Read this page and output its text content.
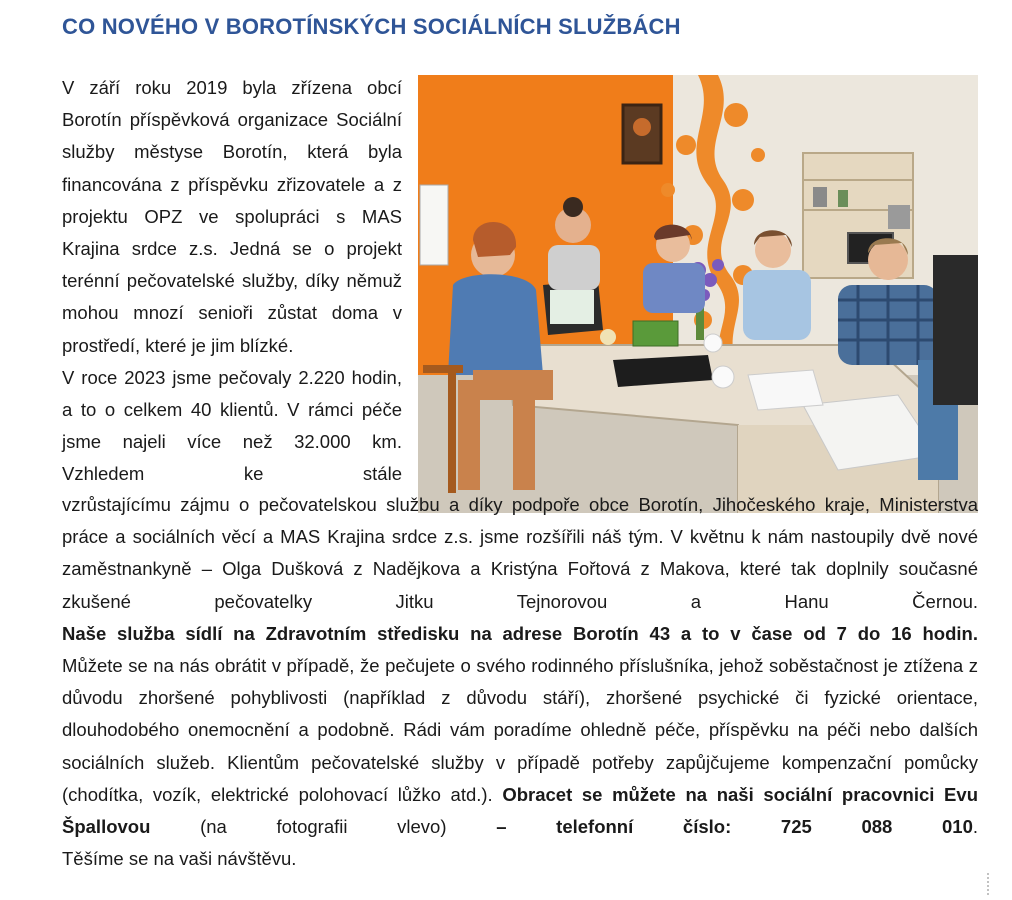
CO NOVÉHO V BOROTÍNSKÝCH SOCIÁLNÍCH SLUŽBÁCH

V září roku 2019 byla zřízena obcí Borotín příspěvková organizace Sociální služby městyse Borotín, která byla financována z příspěvku zřizovatele a z projektu OPZ ve spolupráci s MAS Krajina srdce z.s. Jedná se o projekt terénní pečovatelské služby, díky němuž mohou mnozí senioři zůstat doma v prostředí, které je jim blízké.

V roce 2023 jsme pečovaly 2.220 hodin, a to o celkem 40 klientů. V rámci péče jsme najeli více než 32.000 km. Vzhledem ke stále

vzrůstajícímu zájmu o pečovatelskou službu a díky podpoře obce Borotín, Jihočeského kraje, Ministerstva práce a sociálních věcí a MAS Krajina srdce z.s. jsme rozšířili náš tým. V květnu k nám nastoupily dvě nové zaměstnankyně – Olga Dušková z Nadějkova a Kristýna Fořtová z Makova, které tak doplnily současné zkušené pečovatelky Jitku Tejnorovou a Hanu Černou.

Naše služba sídlí na Zdravotním středisku na adrese Borotín 43 a to v čase od 7 do 16 hodin.

Můžete se na nás obrátit v případě, že pečujete o svého rodinného příslušníka, jehož soběstačnost je ztížena z důvodu zhoršené pohyblivosti (například z důvodu stáří), zhoršené psychické či fyzické orientace, dlouhodobého onemocnění a podobně. Rádi vám poradíme ohledně péče, příspěvku na péči nebo dalších sociálních služeb. Klientům pečovatelské služby v případě potřeby zapůjčujeme kompenzační pomůcky (chodítka, vozík, elektrické polohovací lůžko atd.). Obracet se můžete na naši sociální pracovnici Evu Špallovou	(na fotografii vlevo)	– telefonní číslo: 725 088 010.

Těšíme se na vaši návštěvu.
